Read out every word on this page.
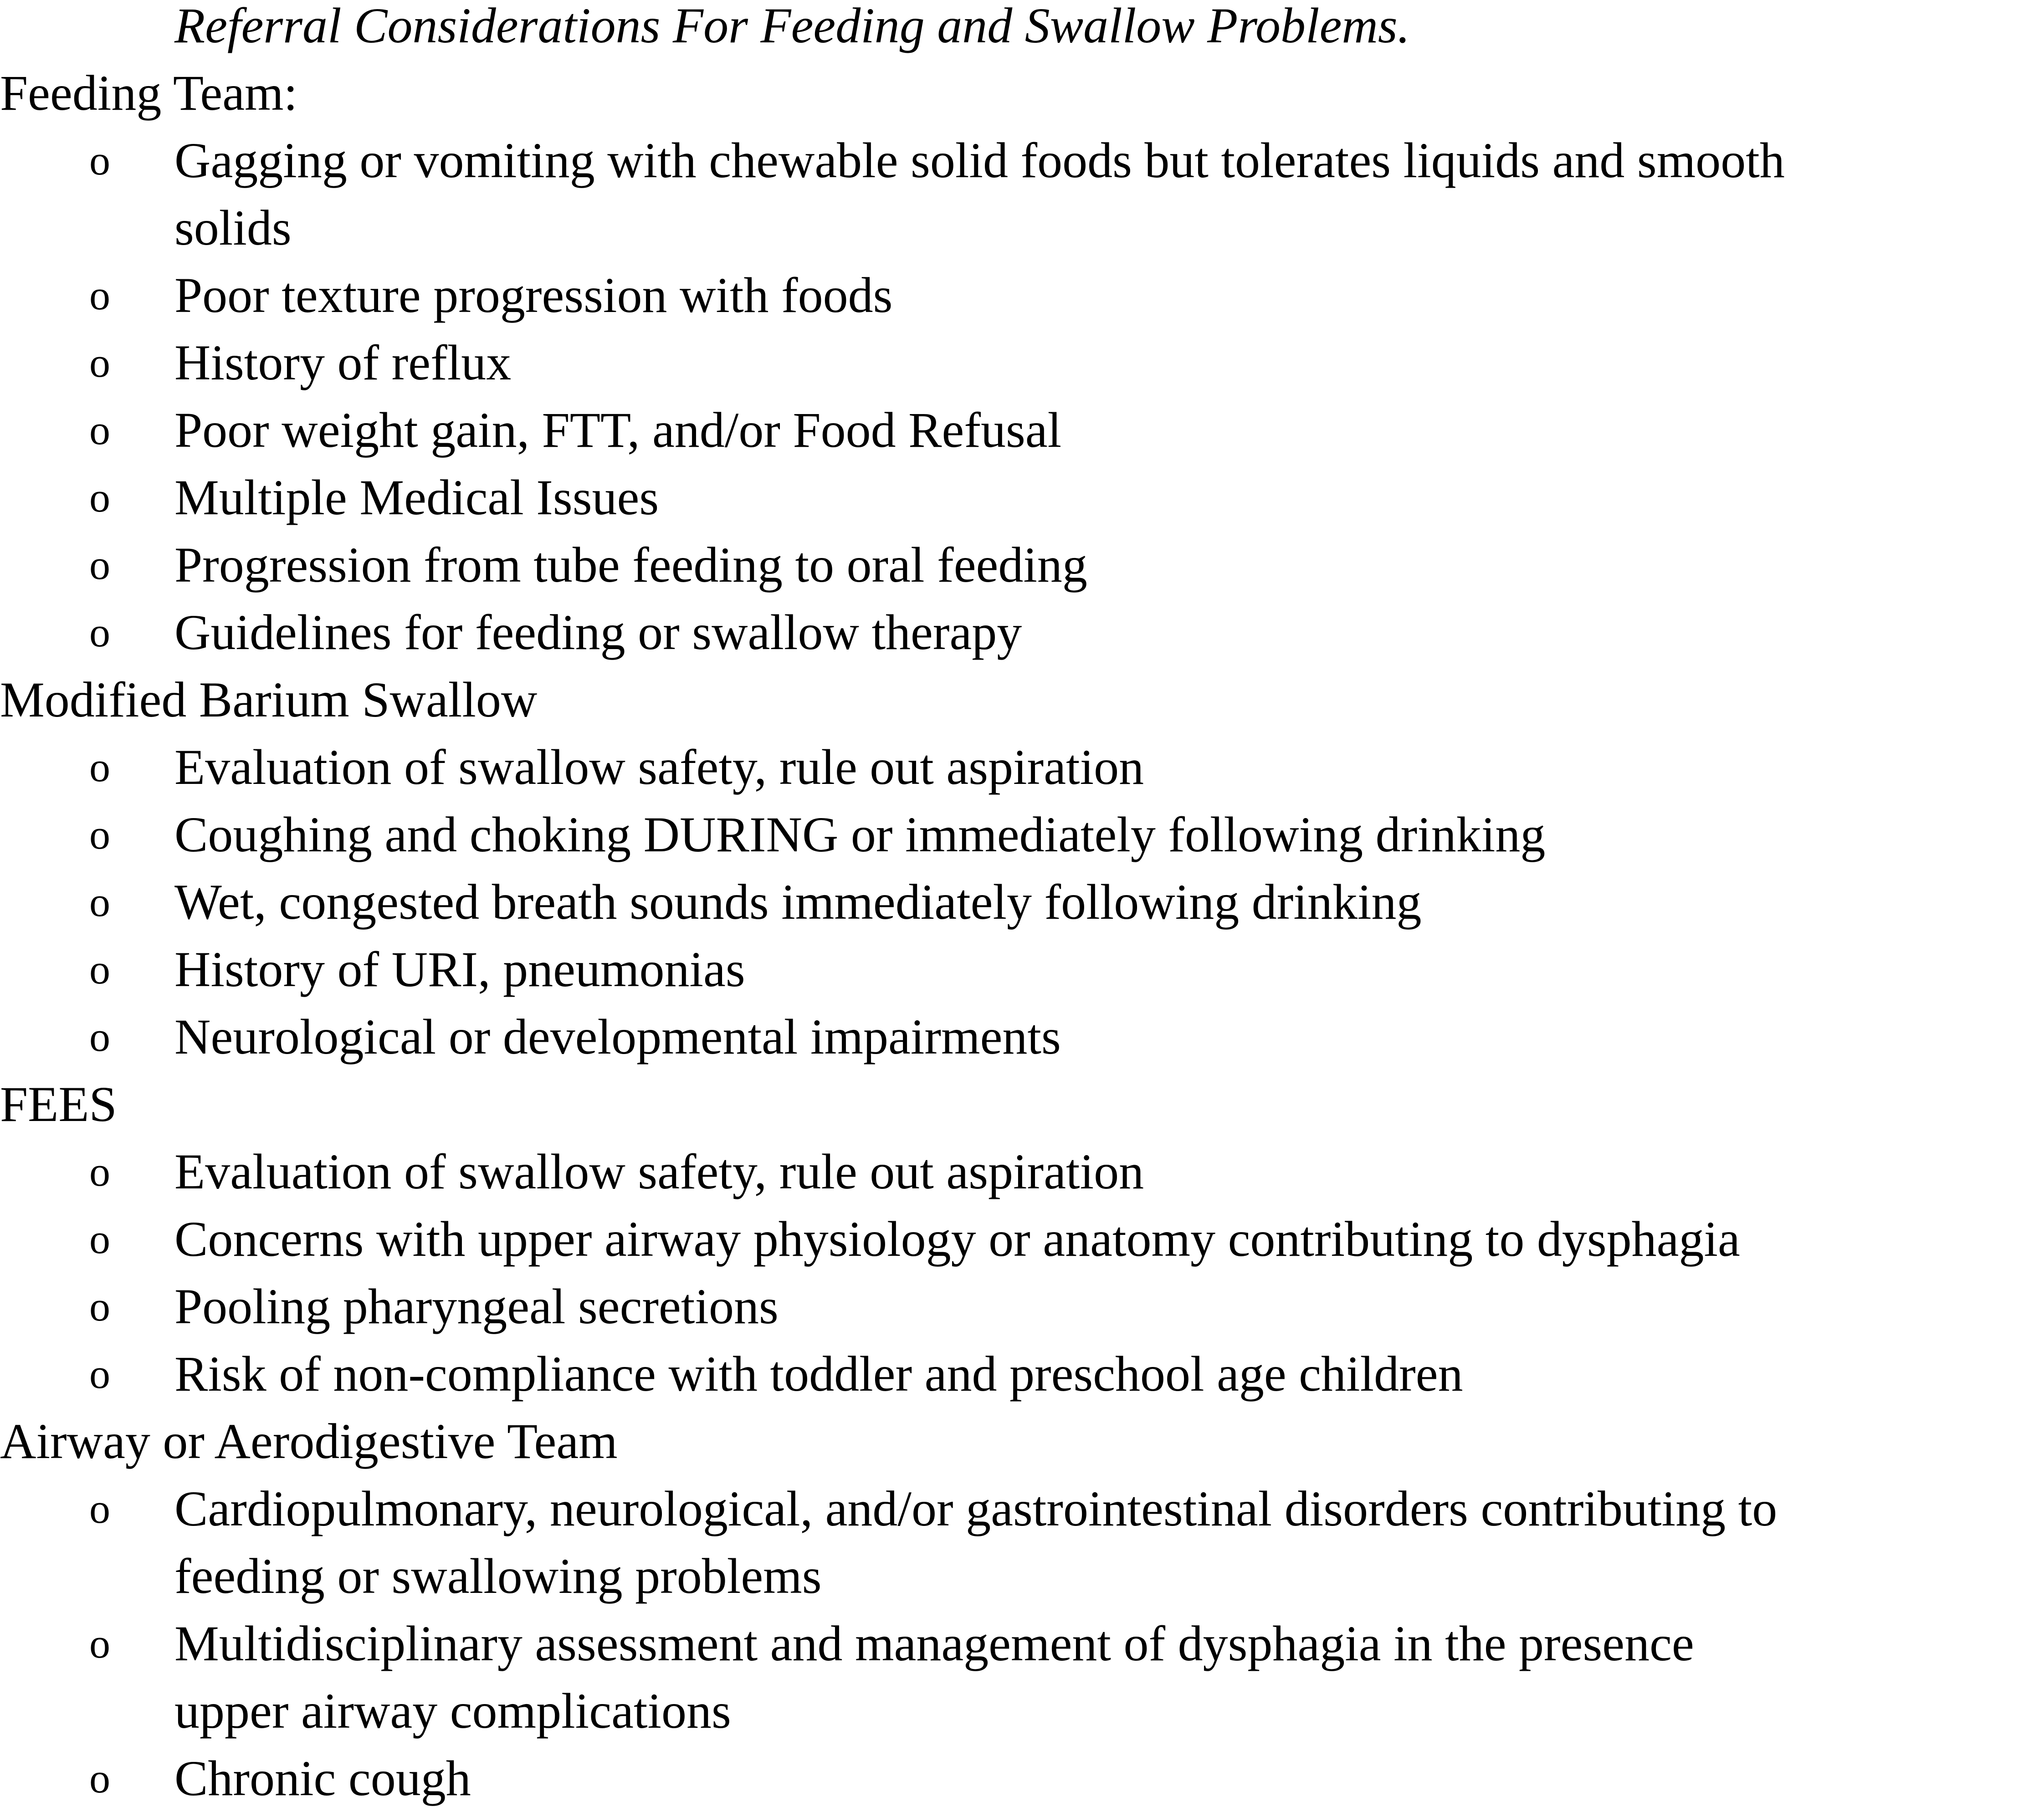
Referral Considerations For Feeding and Swallow Problems.
Feeding Team:
o Gagging or vomiting with chewable solid foods but tolerates liquids and smooth
solids
o Poor texture progression with foods
o History of reflux
o Poor weight gain, FTT, and/or Food Refusal
o Multiple Medical Issues
o Progression from tube feeding to oral feeding
o Guidelines for feeding or swallow therapy
Modified Barium Swallow
o Evaluation of swallow safety, rule out aspiration
o Coughing and choking DURING or immediately following drinking
o Wet, congested breath sounds immediately following drinking
o History of URI, pneumonias
o Neurological or developmental impairments
FEES
o Evaluation of swallow safety, rule out aspiration
o Concerns with upper airway physiology or anatomy contributing to dysphagia
o Pooling pharyngeal secretions
o Risk of non-compliance with toddler and preschool age children
Airway or Aerodigestive Team
o Cardiopulmonary, neurological, and/or gastrointestinal disorders contributing to
feeding or swallowing problems
o Multidisciplinary assessment and management of dysphagia in the presence
upper airway complications
o Chronic cough
